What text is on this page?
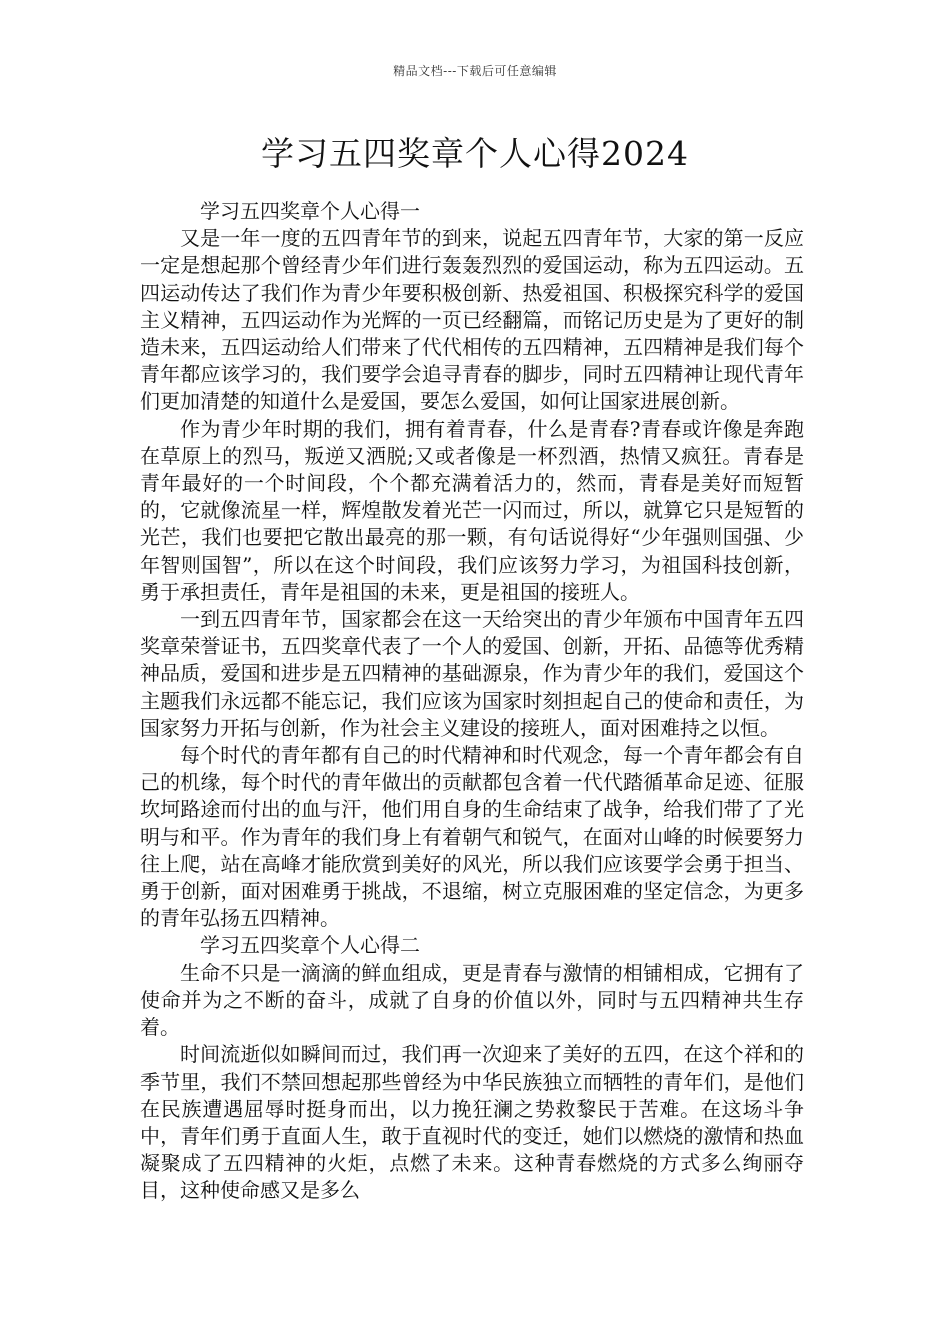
精品文档---下载后可任意编辑
学习五四奖章个人心得2024

学习五四奖章个人心得一

又是一年一度的五四青年节的到来，说起五四青年节，大家的第一反应一定是想起那个曾经青少年们进行轰轰烈烈的爱国运动，称为五四运动。五四运动传达了我们作为青少年要积极创新、热爱祖国、积极探究科学的爱国主义精神，五四运动作为光辉的一页已经翻篇，而铭记历史是为了更好的制造未来，五四运动给人们带来了代代相传的五四精神，五四精神是我们每个青年都应该学习的，我们要学会追寻青春的脚步，同时五四精神让现代青年们更加清楚的知道什么是爱国，要怎么爱国，如何让国家进展创新。

作为青少年时期的我们，拥有着青春，什么是青春?青春或许像是奔跑在草原上的烈马，叛逆又洒脱;又或者像是一杯烈酒，热情又疯狂。青春是青年最好的一个时间段，个个都充满着活力的，然而，青春是美好而短暂的，它就像流星一样，辉煌散发着光芒一闪而过，所以，就算它只是短暂的光芒，我们也要把它散出最亮的那一颗，有句话说得好“少年强则国强、少年智则国智”，所以在这个时间段，我们应该努力学习，为祖国科技创新，勇于承担责任，青年是祖国的未来，更是祖国的接班人。

一到五四青年节，国家都会在这一天给突出的青少年颁布中国青年五四奖章荣誉证书，五四奖章代表了一个人的爱国、创新，开拓、品德等优秀精神品质，爱国和进步是五四精神的基础源泉，作为青少年的我们，爱国这个主题我们永远都不能忘记，我们应该为国家时刻担起自己的使命和责任，为国家努力开拓与创新，作为社会主义建设的接班人，面对困难持之以恒。

每个时代的青年都有自己的时代精神和时代观念，每一个青年都会有自己的机缘，每个时代的青年做出的贡献都包含着一代代踏循革命足迹、征服坎坷路途而付出的血与汗，他们用自身的生命结束了战争，给我们带了了光明与和平。作为青年的我们身上有着朝气和锐气，在面对山峰的时候要努力往上爬，站在高峰才能欣赏到美好的风光，所以我们应该要学会勇于担当、勇于创新，面对困难勇于挑战，不退缩，树立克服困难的坚定信念，为更多的青年弘扬五四精神。

学习五四奖章个人心得二

生命不只是一滴滴的鲜血组成，更是青春与激情的相铺相成，它拥有了使命并为之不断的奋斗，成就了自身的价值以外，同时与五四精神共生存着。

时间流逝似如瞬间而过，我们再一次迎来了美好的五四，在这个祥和的季节里，我们不禁回想起那些曾经为中华民族独立而牺牲的青年们，是他们在民族遭遇屈辱时挺身而出，以力挽狂澜之势救黎民于苦难。在这场斗争中，青年们勇于直面人生，敢于直视时代的变迁，她们以燃烧的激情和热血凝聚成了五四精神的火炬，点燃了未来。这种青春燃烧的方式多么绚丽夺目，这种使命感又是多么
